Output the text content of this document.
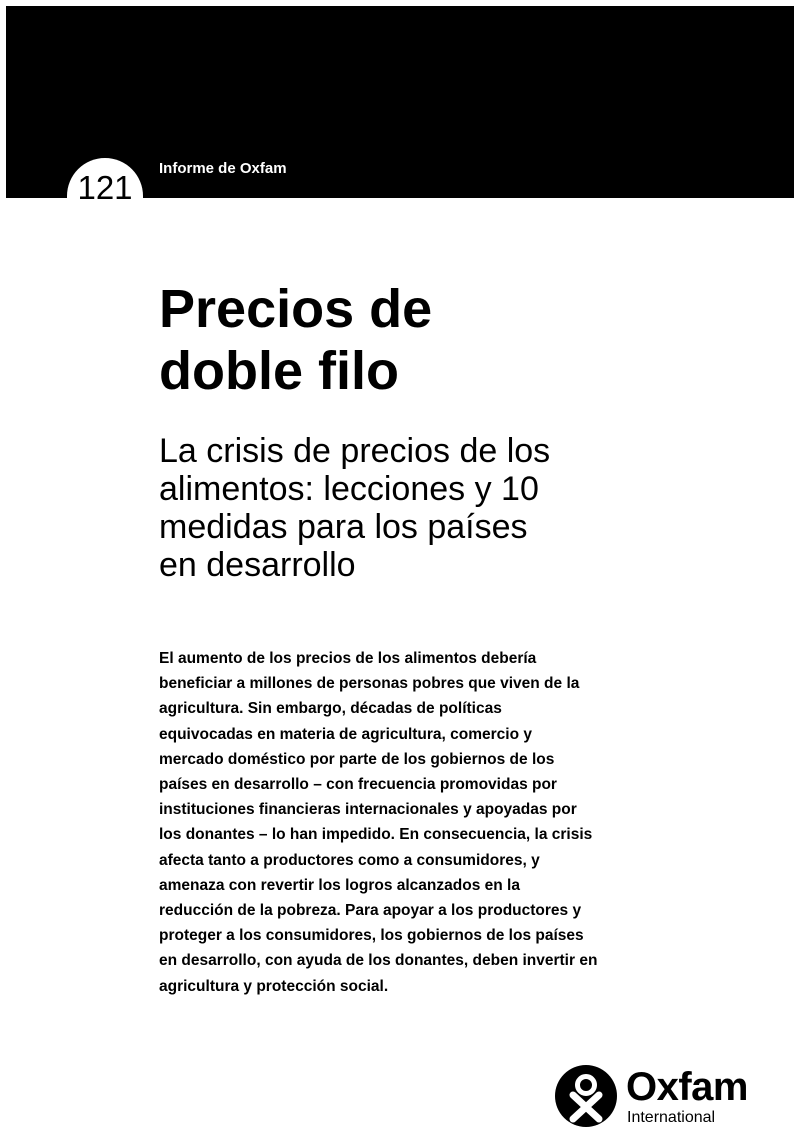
Informe de Oxfam
121
Precios de
doble filo
La crisis de precios de los
alimentos: lecciones y 10
medidas para los países
en desarrollo

El aumento de los precios de los alimentos debería
beneficiar a millones de personas pobres que viven de la
agricultura. Sin embargo, décadas de políticas
equivocadas en materia de agricultura, comercio y
mercado doméstico por parte de los gobiernos de los
países en desarrollo – con frecuencia promovidas por
instituciones financieras internacionales y apoyadas por
los donantes – lo han impedido. En consecuencia, la crisis
afecta tanto a productores como a consumidores, y
amenaza con revertir los logros alcanzados en la
reducción de la pobreza. Para apoyar a los productores y
proteger a los consumidores, los gobiernos de los países
en desarrollo, con ayuda de los donantes, deben invertir en
agricultura y protección social.

Oxfam
International
